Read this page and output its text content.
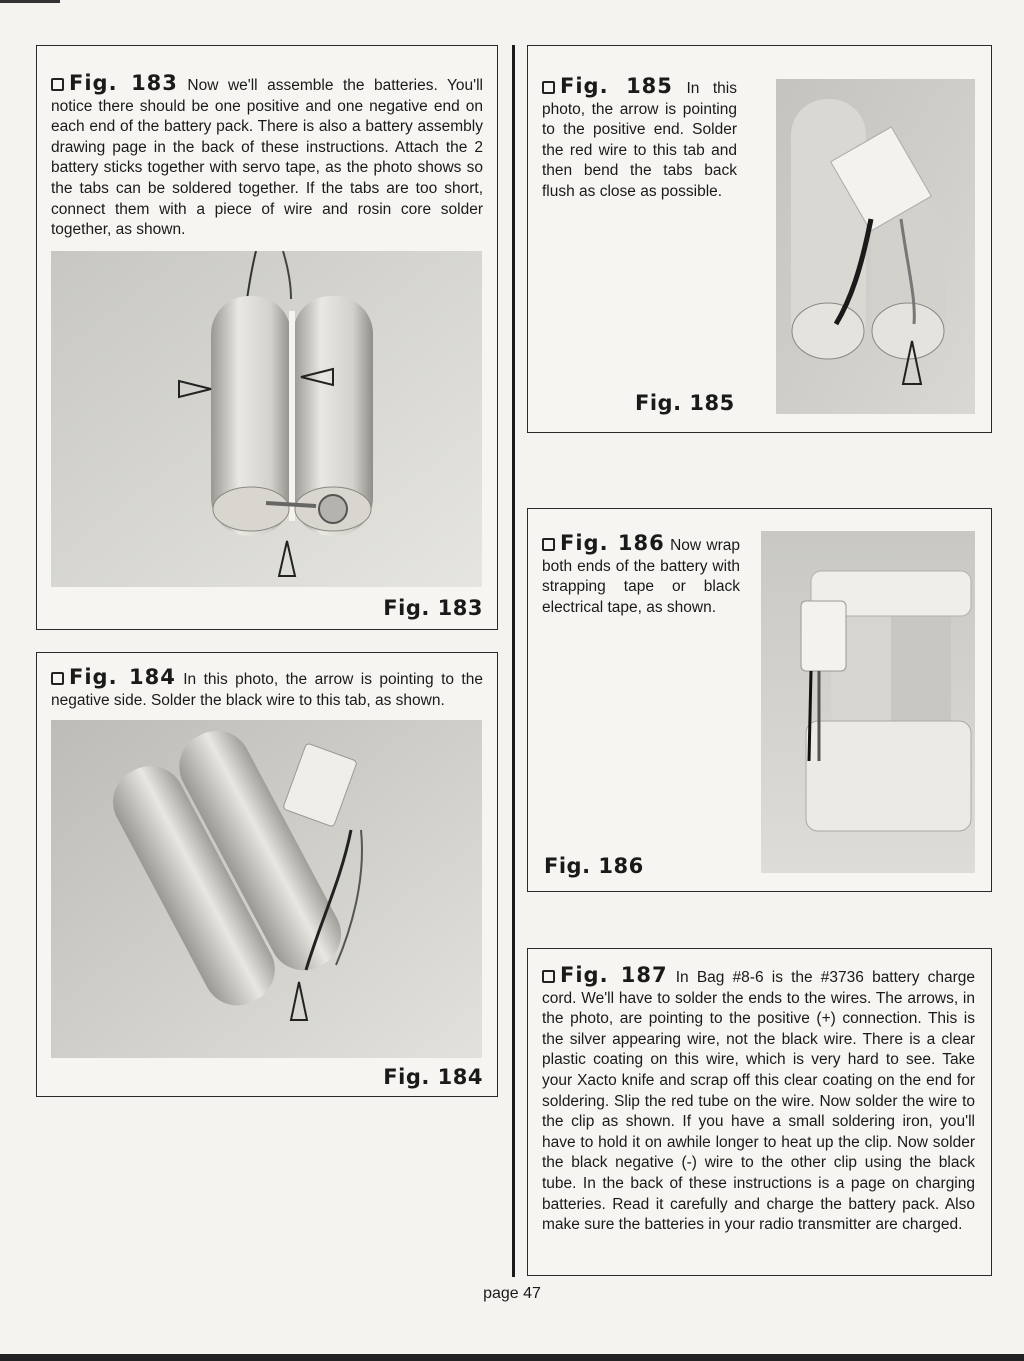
Fig. 183 Now we'll assemble the batteries. You'll notice there should be one positive and one negative end on each end of the battery pack. There is also a battery assembly drawing page in the back of these instructions. Attach the 2 battery sticks together with servo tape, as the photo shows so the tabs can be soldered together. If the tabs are too short, connect them with a piece of wire and rosin core solder together, as shown.
Fig. 183
Fig. 184 In this photo, the arrow is pointing to the negative side. Solder the black wire to this tab, as shown.
Fig. 184
Fig. 185 In this photo, the arrow is pointing to the positive end. Solder the red wire to this tab and then bend the tabs back flush as close as possible.
Fig. 185
Fig. 186 Now wrap both ends of the battery with strapping tape or black electrical tape, as shown.
Fig. 186
Fig. 187 In Bag #8-6 is the #3736 battery charge cord. We'll have to solder the ends to the wires. The arrows, in the photo, are pointing to the positive (+) connection. This is the silver appearing wire, not the black wire. There is a clear plastic coating on this wire, which is very hard to see. Take your Xacto knife and scrap off this clear coating on the end for soldering. Slip the red tube on the wire. Now solder the wire to the clip as shown. If you have a small soldering iron, you'll have to hold it on awhile longer to heat up the clip. Now solder the black negative (-) wire to the other clip using the black tube. In the back of these instructions is a page on charging batteries. Read it carefully and charge the battery pack. Also make sure the batteries in your radio transmitter are charged.
page 47
